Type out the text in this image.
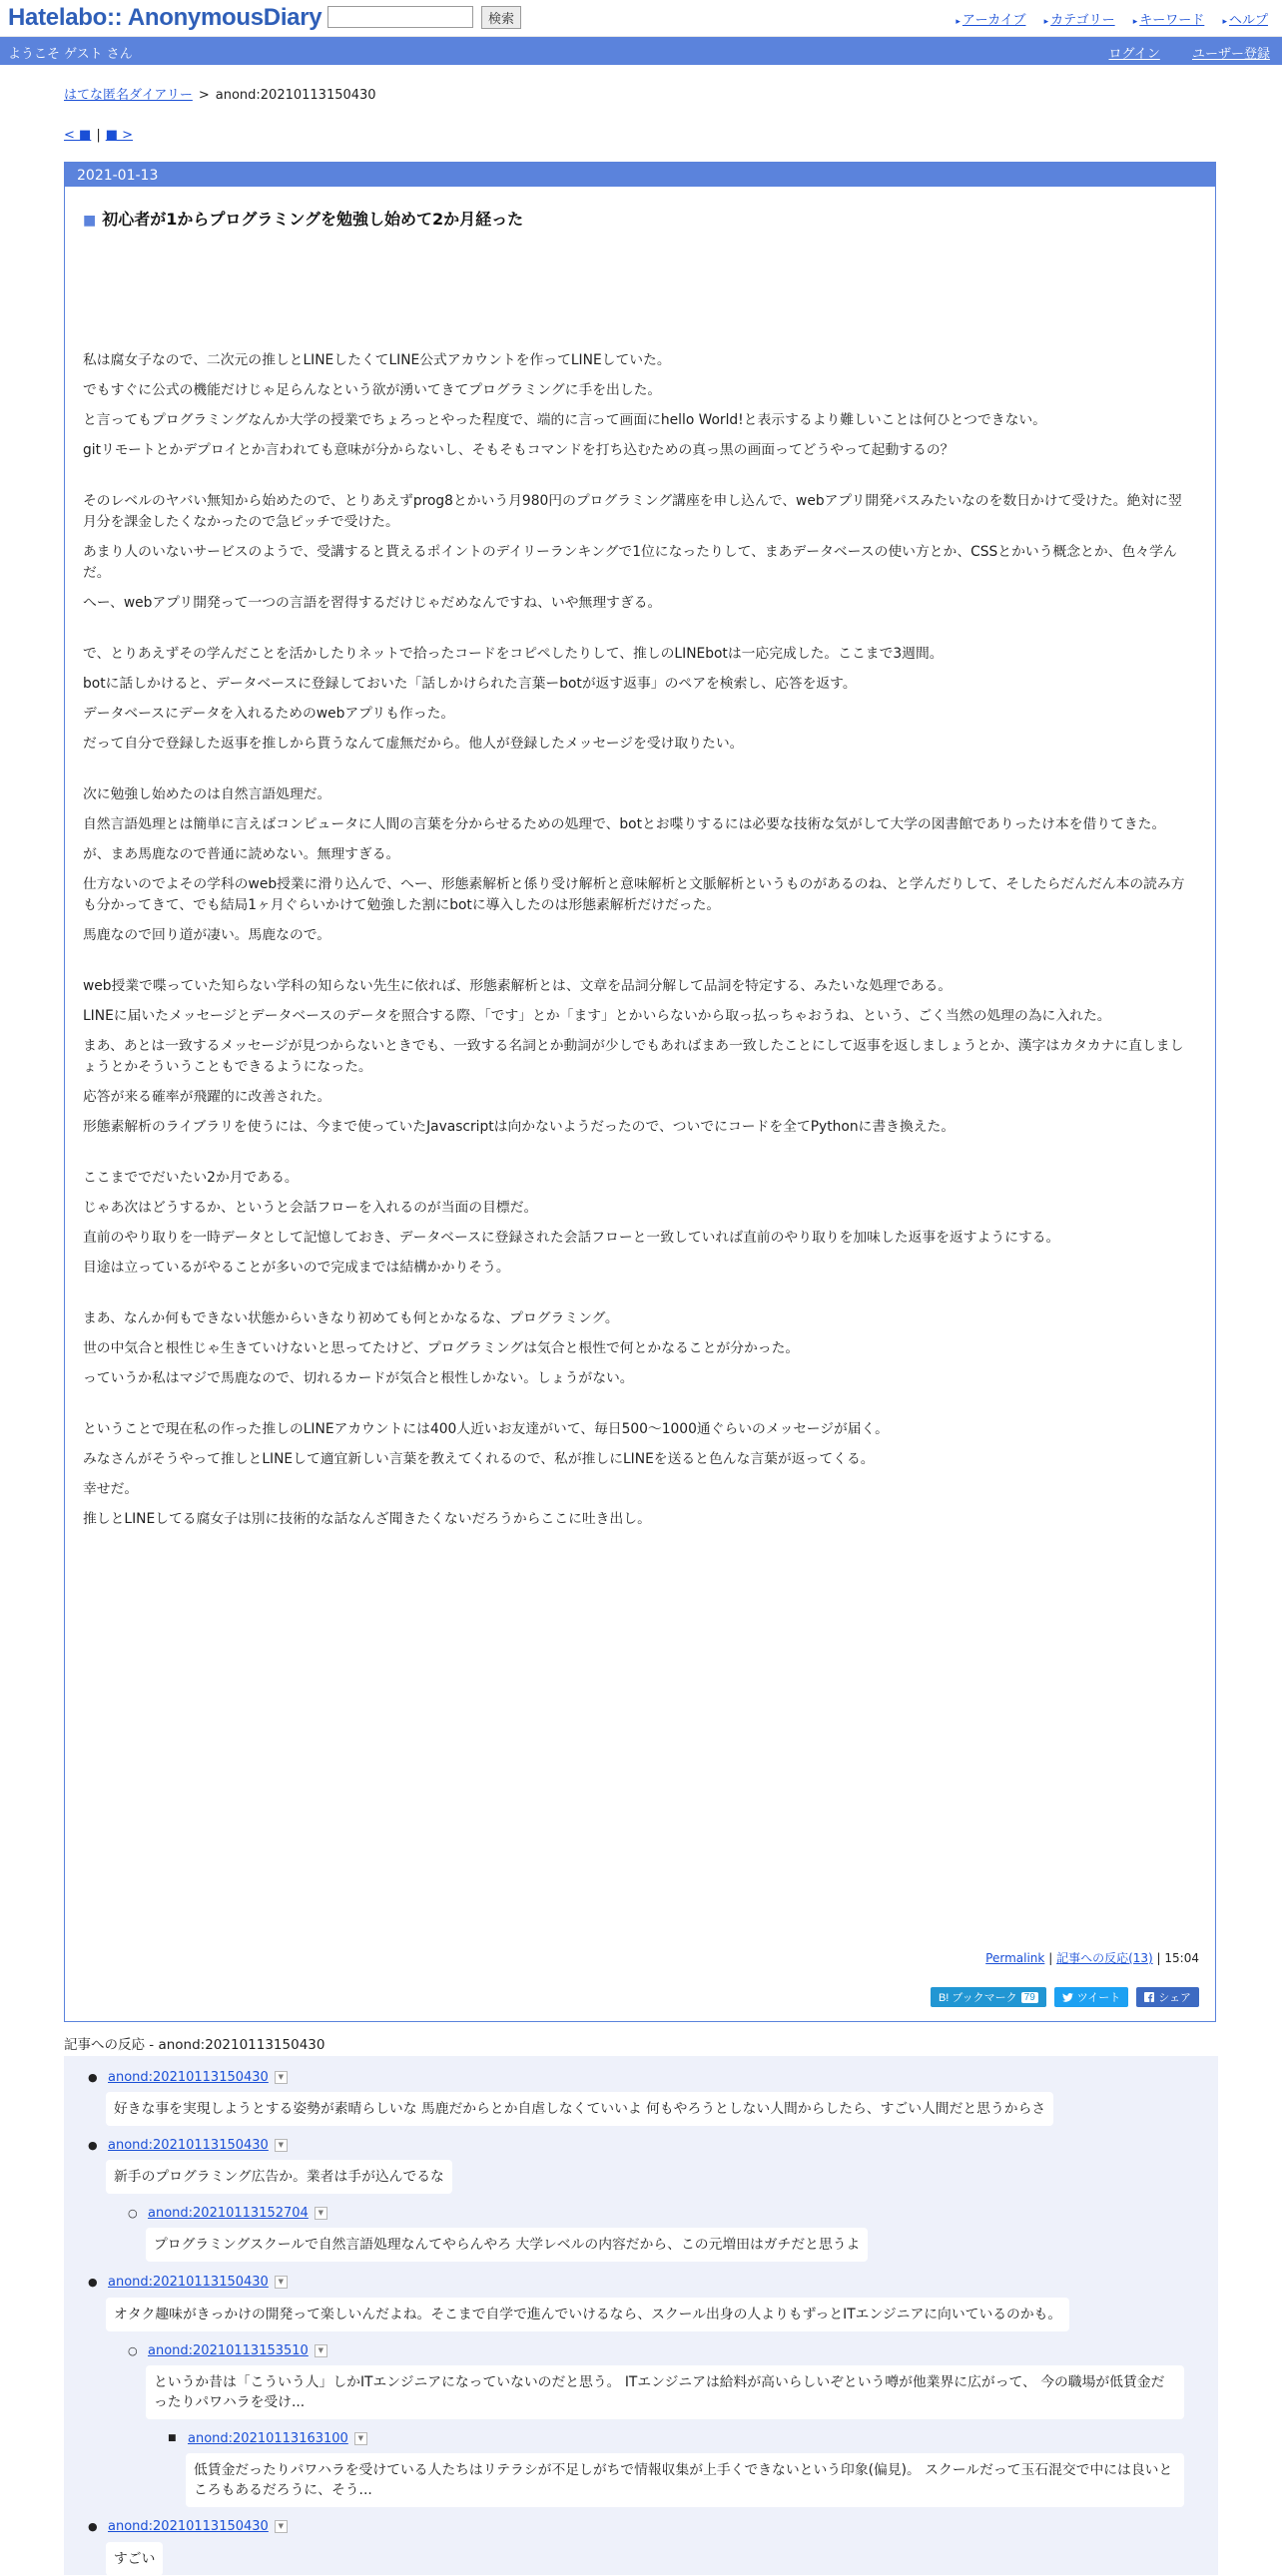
Hatelabo:: AnonymousDiary	検索	▸ アーカイブ ▸ カテゴリー ▸ キーワード ▸ ヘルプ
ようこそ ゲスト さん	ログイン ユーザー登録
はてな匿名ダイアリー > anond:20210113150430
< ■ | ■ >
2021-01-13
■ 初心者が1からプログラミングを勉強し始めて2か月経った

私は腐女子なので、二次元の推しとLINEしたくてLINE公式アカウントを作ってLINEしていた。

でもすぐに公式の機能だけじゃ足らんなという欲が湧いてきてプログラミングに手を出した。

と言ってもプログラミングなんか大学の授業でちょろっとやった程度で、端的に言って画面にhello World!と表示するより難しいことは何ひとつできない。

gitリモートとかデプロイとか言われても意味が分からないし、そもそもコマンドを打ち込むための真っ黒の画面ってどうやって起動するの？

そのレベルのヤバい無知から始めたので、とりあえずprog8とかいう月980円のプログラミング講座を申し込んで、webアプリ開発パスみたいなのを数日かけて受けた。絶対に翌月分を課金したくなかったので急ピッチで受けた。

あまり人のいないサービスのようで、受講すると貰えるポイントのデイリーランキングで1位になったりして、まあデータベースの使い方とか、CSSとかいう概念とか、色々学んだ。

へー、webアプリ開発って一つの言語を習得するだけじゃだめなんですね、いや無理すぎる。

で、とりあえずその学んだことを活かしたりネットで拾ったコードをコピペしたりして、推しのLINEbotは一応完成した。ここまで3週間。

botに話しかけると、データベースに登録しておいた「話しかけられた言葉ーbotが返す返事」のペアを検索し、応答を返す。

データベースにデータを入れるためのwebアプリも作った。

だって自分で登録した返事を推しから貰うなんて虚無だから。他人が登録したメッセージを受け取りたい。

次に勉強し始めたのは自然言語処理だ。

自然言語処理とは簡単に言えばコンピュータに人間の言葉を分からせるための処理で、botとお喋りするには必要な技術な気がして大学の図書館でありったけ本を借りてきた。

が、まあ馬鹿なので普通に読めない。無理すぎる。

仕方ないのでよその学科のweb授業に滑り込んで、へー、形態素解析と係り受け解析と意味解析と文脈解析というものがあるのね、と学んだりして、そしたらだんだん本の読み方も分かってきて、でも結局1ヶ月ぐらいかけて勉強した割にbotに導入したのは形態素解析だけだった。

馬鹿なので回り道が凄い。馬鹿なので。

web授業で喋っていた知らない学科の知らない先生に依れば、形態素解析とは、文章を品詞分解して品詞を特定する、みたいな処理である。

LINEに届いたメッセージとデータベースのデータを照合する際、「です」とか「ます」とかいらないから取っ払っちゃおうね、という、ごく当然の処理の為に入れた。

まあ、あとは一致するメッセージが見つからないときでも、一致する名詞とか動詞が少しでもあればまあ一致したことにして返事を返しましょうとか、漢字はカタカナに直しましょうとかそういうこともできるようになった。

応答が来る確率が飛躍的に改善された。

形態素解析のライブラリを使うには、今まで使っていたJavascriptは向かないようだったので、ついでにコードを全てPythonに書き換えた。

ここまででだいたい2か月である。

じゃあ次はどうするか、というと会話フローを入れるのが当面の目標だ。

直前のやり取りを一時データとして記憶しておき、データベースに登録された会話フローと一致していれば直前のやり取りを加味した返事を返すようにする。

目途は立っているがやることが多いので完成までは結構かかりそう。

まあ、なんか何もできない状態からいきなり初めても何とかなるな、プログラミング。

世の中気合と根性じゃ生きていけないと思ってたけど、プログラミングは気合と根性で何とかなることが分かった。

っていうか私はマジで馬鹿なので、切れるカードが気合と根性しかない。しょうがない。

ということで現在私の作った推しのLINEアカウントには400人近いお友達がいて、毎日500～1000通ぐらいのメッセージが届く。

みなさんがそうやって推しとLINEして適宜新しい言葉を教えてくれるので、私が推しにLINEを送ると色んな言葉が返ってくる。

幸せだ。

推しとLINEしてる腐女子は別に技術的な話なんざ聞きたくないだろうからここに吐き出し。

Permalink | 記事への反応(13) | 15:04
B! ブックマーク 79	ツイート	シェア
記事への反応 - anond:20210113150430
● anond:20210113150430 ▼
好きな事を実現しようとする姿勢が素晴らしいな 馬鹿だからとか自虐しなくていいよ 何もやろうとしない人間からしたら、すごい人間だと思うからさ
● anond:20210113150430 ▼
新手のプログラミング広告か。業者は手が込んでるな
○ anond:20210113152704 ▼
プログラミングスクールで自然言語処理なんてやらんやろ 大学レベルの内容だから、この元増田はガチだと思うよ
● anond:20210113150430 ▼
オタク趣味がきっかけの開発って楽しいんだよね。そこまで自学で進んでいけるなら、スクール出身の人よりもずっとITエンジニアに向いているのかも。
○ anond:20210113153510 ▼
というか昔は「こういう人」しかITエンジニアになっていないのだと思う。 ITエンジニアは給料が高いらしいぞという噂が他業界に広がって、 今の職場が低賃金だったりパワハラを受け...
■ anond:20210113163100 ▼
低賃金だったりパワハラを受けている人たちはリテラシが不足しがちで情報収集が上手くできないという印象(偏見)。 スクールだって玉石混交で中には良いところもあるだろうに、そう...
● anond:20210113150430 ▼
すごい
